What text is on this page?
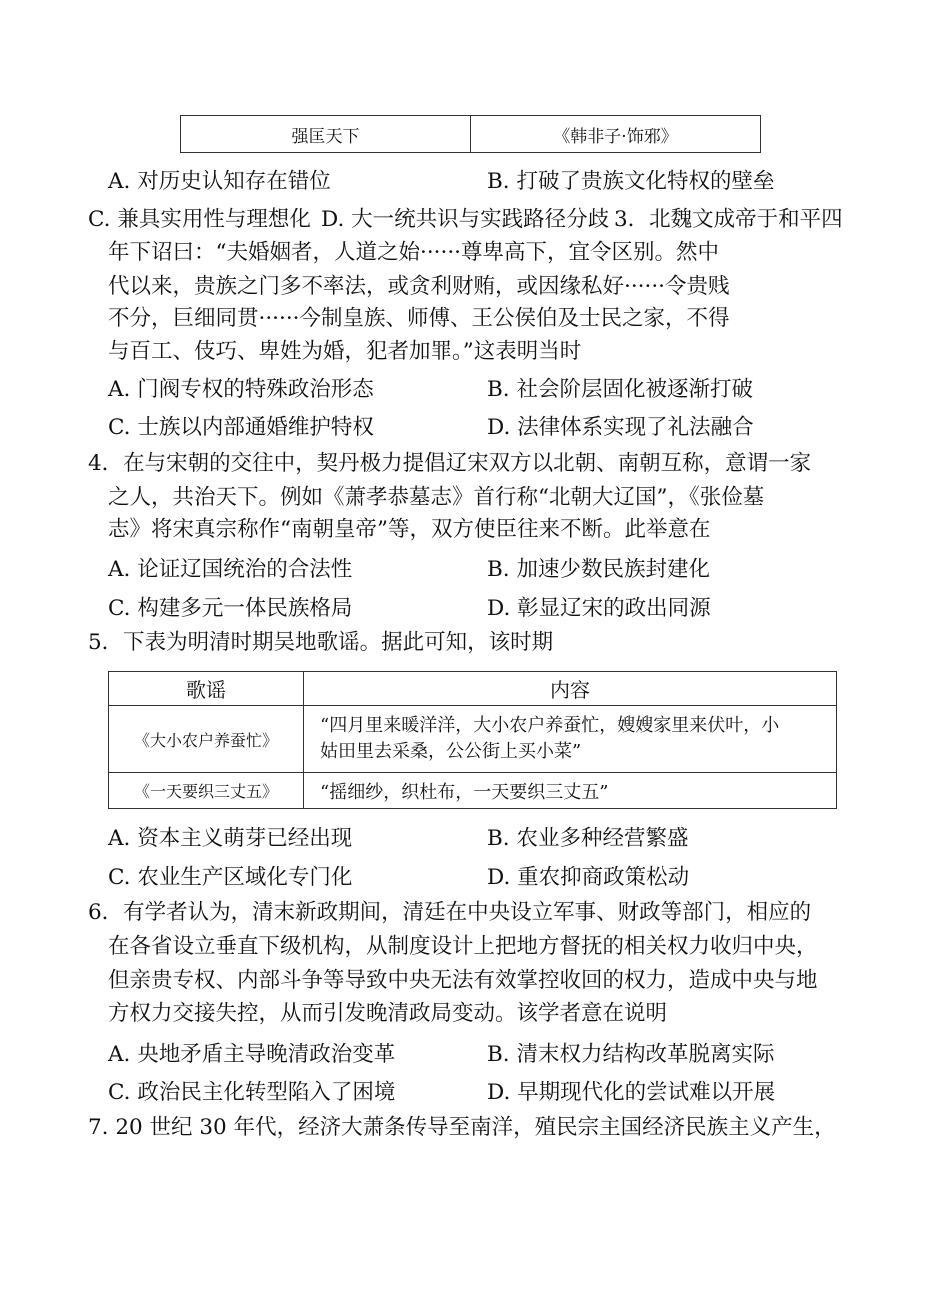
强匡天下	《韩非子·饰邪》
A. 对历史认知存在错位	B. 打破了贵族文化特权的壁垒
C. 兼具实用性与理想化 D. 大一统共识与实践路径分歧 3．北魏文成帝于和平四
年下诏曰：“夫婚姻者，人道之始······尊卑高下，宜令区别。然中
代以来，贵族之门多不率法，或贪利财贿，或因缘私好······令贵贱
不分，巨细同贯······今制皇族、师傅、王公侯伯及士民之家，不得
与百工、伎巧、卑姓为婚，犯者加罪。”这表明当时
A. 门阀专权的特殊政治形态	B. 社会阶层固化被逐渐打破
C. 士族以内部通婚维护特权	D. 法律体系实现了礼法融合
4．在与宋朝的交往中，契丹极力提倡辽宋双方以北朝、南朝互称，意谓一家
之人，共治天下。例如《萧孝恭墓志》首行称“北朝大辽国”，《张俭墓
志》将宋真宗称作“南朝皇帝”等，双方使臣往来不断。此举意在
A. 论证辽国统治的合法性	B. 加速少数民族封建化
C. 构建多元一体民族格局	D. 彰显辽宋的政出同源
5．下表为明清时期吴地歌谣。据此可知，该时期
歌谣	内容
《大小农户养蚕忙》	“四月里来暖洋洋，大小农户养蚕忙，嫂嫂家里来伏叶，小
姑田里去采桑，公公街上买小菜”

《一天要织三丈五》	“摇细纱，织杜布，一天要织三丈五”
A. 资本主义萌芽已经出现	B. 农业多种经营繁盛
C. 农业生产区域化专门化	D. 重农抑商政策松动
6．有学者认为，清末新政期间，清廷在中央设立军事、财政等部门，相应的
在各省设立垂直下级机构，从制度设计上把地方督抚的相关权力收归中央，
但亲贵专权、内部斗争等导致中央无法有效掌控收回的权力，造成中央与地
方权力交接失控，从而引发晚清政局变动。该学者意在说明
A. 央地矛盾主导晚清政治变革	B. 清末权力结构改革脱离实际
C. 政治民主化转型陷入了困境	D. 早期现代化的尝试难以开展
7. 20 世纪 30 年代，经济大萧条传导至南洋，殖民宗主国经济民族主义产生，
